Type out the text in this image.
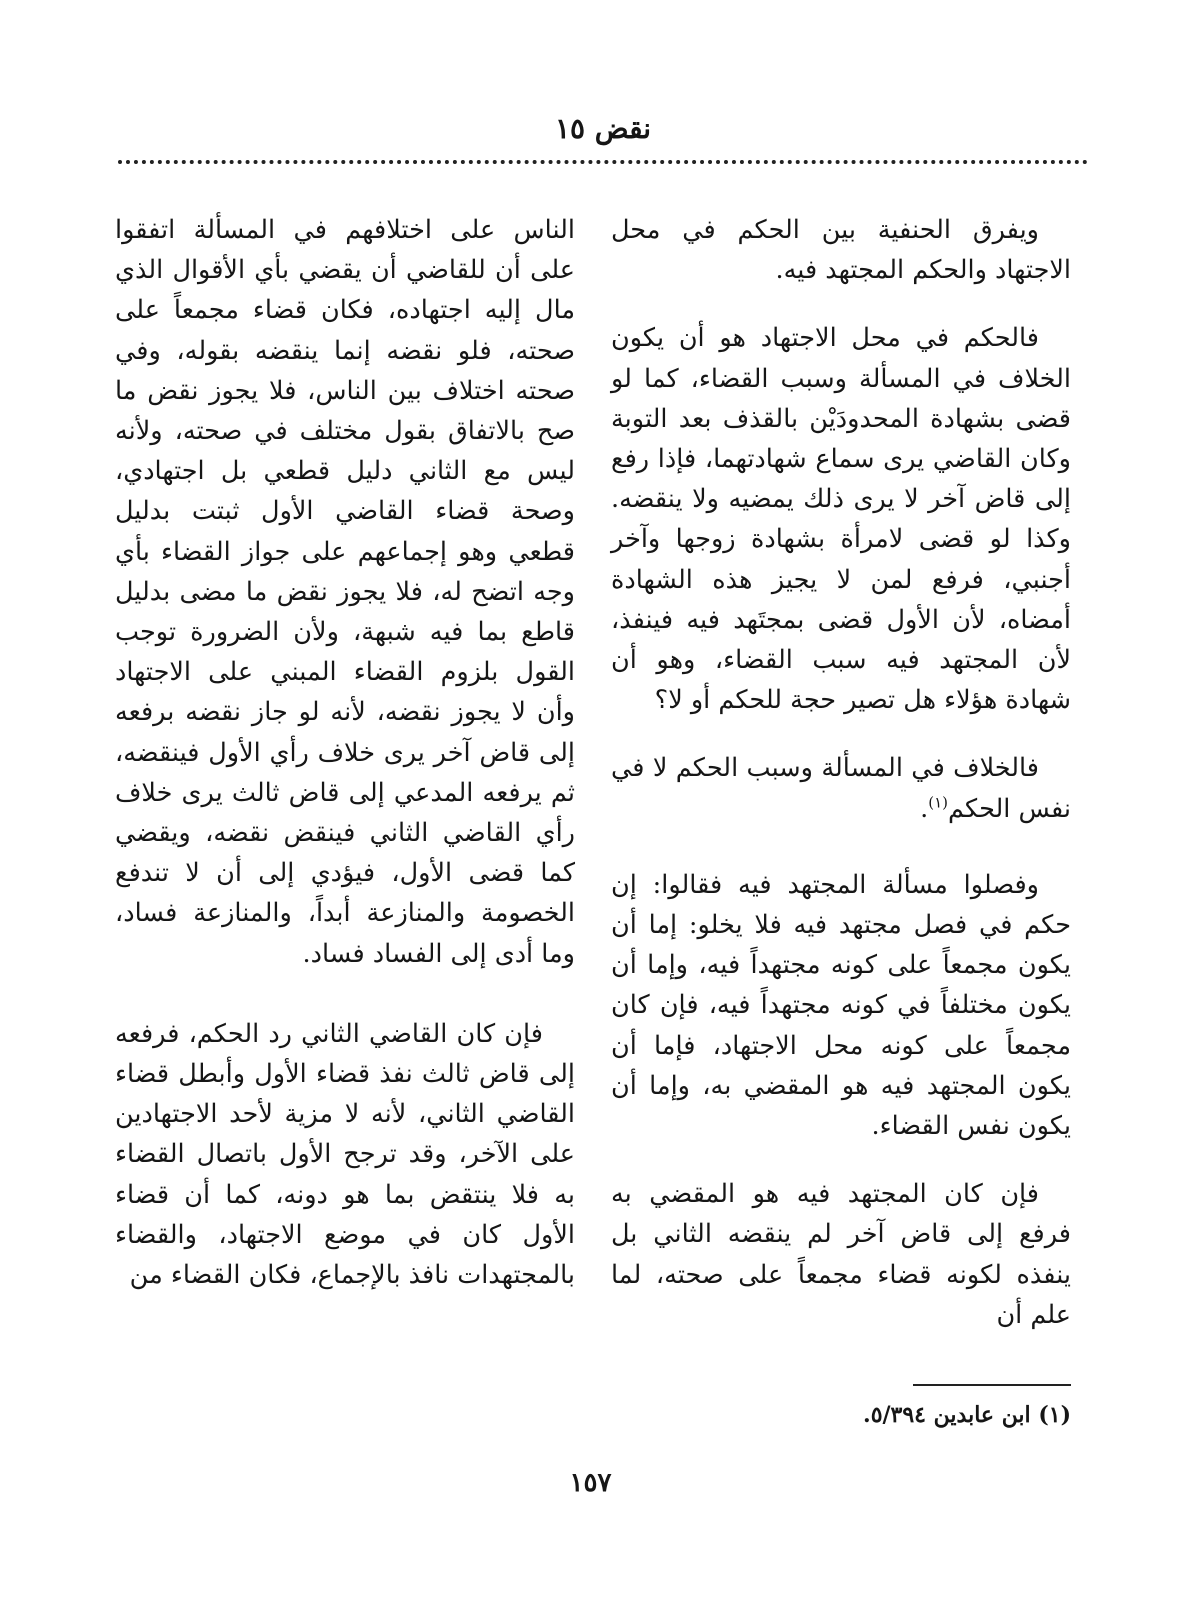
نقض ١٥

ويفرق الحنفية بين الحكم في محل الاجتهاد والحكم المجتهد فيه.

فالحكم في محل الاجتهاد هو أن يكون الخلاف في المسألة وسبب القضاء، كما لو قضى بشهادة المحدودَيْن بالقذف بعد التوبة وكان القاضي يرى سماع شهادتهما، فإذا رفع إلى قاض آخر لا يرى ذلك يمضيه ولا ينقضه. وكذا لو قضى لامرأة بشهادة زوجها وآخر أجنبي، فرفع لمن لا يجيز هذه الشهادة أمضاه، لأن الأول قضى بمجتَهد فيه فينفذ، لأن المجتهد فيه سبب القضاء، وهو أن شهادة هؤلاء هل تصير حجة للحكم أو لا؟

فالخلاف في المسألة وسبب الحكم لا في نفس الحكم$^{(١)}$.

وفصلوا مسألة المجتهد فيه فقالوا: إن حكم في فصل مجتهد فيه فلا يخلو: إما أن يكون مجمعاً على كونه مجتهداً فيه، وإما أن يكون مختلفاً في كونه مجتهداً فيه، فإن كان مجمعاً على كونه محل الاجتهاد، فإما أن يكون المجتهد فيه هو المقضي به، وإما أن يكون نفس القضاء.

فإن كان المجتهد فيه هو المقضي به فرفع إلى قاض آخر لم ينقضه الثاني بل ينفذه لكونه قضاء مجمعاً على صحته، لما علم أن

الناس على اختلافهم في المسألة اتفقوا على أن للقاضي أن يقضي بأي الأقوال الذي مال إليه اجتهاده، فكان قضاء مجمعاً على صحته، فلو نقضه إنما ينقضه بقوله، وفي صحته اختلاف بين الناس، فلا يجوز نقض ما صح بالاتفاق بقول مختلف في صحته، ولأنه ليس مع الثاني دليل قطعي بل اجتهادي، وصحة قضاء القاضي الأول ثبتت بدليل قطعي وهو إجماعهم على جواز القضاء بأي وجه اتضح له، فلا يجوز نقض ما مضى بدليل قاطع بما فيه شبهة، ولأن الضرورة توجب القول بلزوم القضاء المبني على الاجتهاد وأن لا يجوز نقضه، لأنه لو جاز نقضه برفعه إلى قاض آخر يرى خلاف رأي الأول فينقضه، ثم يرفعه المدعي إلى قاض ثالث يرى خلاف رأي القاضي الثاني فينقض نقضه، ويقضي كما قضى الأول، فيؤدي إلى أن لا تندفع الخصومة والمنازعة أبداً، والمنازعة فساد، وما أدى إلى الفساد فساد.

فإن كان القاضي الثاني رد الحكم، فرفعه إلى قاض ثالث نفذ قضاء الأول وأبطل قضاء القاضي الثاني، لأنه لا مزية لأحد الاجتهادين على الآخر، وقد ترجح الأول باتصال القضاء به فلا ينتقض بما هو دونه، كما أن قضاء الأول كان في موضع الاجتهاد، والقضاء بالمجتهدات نافذ بالإجماع، فكان القضاء من

(١) ابن عابدين ٥/٣٩٤.
١٥٧
